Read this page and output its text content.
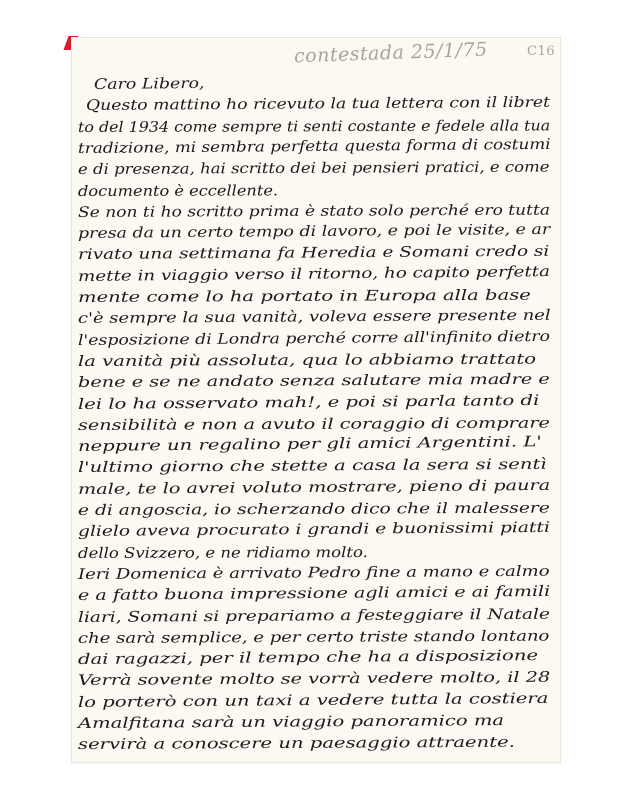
contestada 25/1/75	C16
Caro Libero,
Questo mattino ho ricevuto la tua lettera con il libret
to del 1934 come sempre ti senti costante e fedele alla tua
tradizione, mi sembra perfetta questa forma di costumi
e di presenza, hai scritto dei bei pensieri pratici, e come
documento è eccellente.
Se non ti ho scritto prima è stato solo perché ero tutta
presa da un certo tempo di lavoro, e poi le visite, e ar
rivato una settimana fa Heredia e Somani credo si
mette in viaggio verso il ritorno, ho capito perfetta
mente come lo ha portato in Europa alla base
c'è sempre la sua vanità, voleva essere presente nel
l'esposizione di Londra perché corre all'infinito dietro
la vanità più assoluta, qua lo abbiamo trattato
bene e se ne andato senza salutare mia madre e
lei lo ha osservato mah!, e poi si parla tanto di
sensibilità e non a avuto il coraggio di comprare
neppure un regalino per gli amici Argentini. L'
l'ultimo giorno che stette a casa la sera si sentì
male, te lo avrei voluto mostrare, pieno di paura
e di angoscia, io scherzando dico che il malessere
glielo aveva procurato i grandi e buonissimi piatti
dello Svizzero, e ne ridiamo molto.
Ieri Domenica è arrivato Pedro fine a mano e calmo
e a fatto buona impressione agli amici e ai famili
liari, Somani si prepariamo a festeggiare il Natale
che sarà semplice, e per certo triste stando lontano
dai ragazzi, per il tempo che ha a disposizione
Verrà sovente molto se vorrà vedere molto, il 28
lo porterò con un taxi a vedere tutta la costiera
Amalfitana sarà un viaggio panoramico ma
servirà a conoscere un paesaggio attraente.
